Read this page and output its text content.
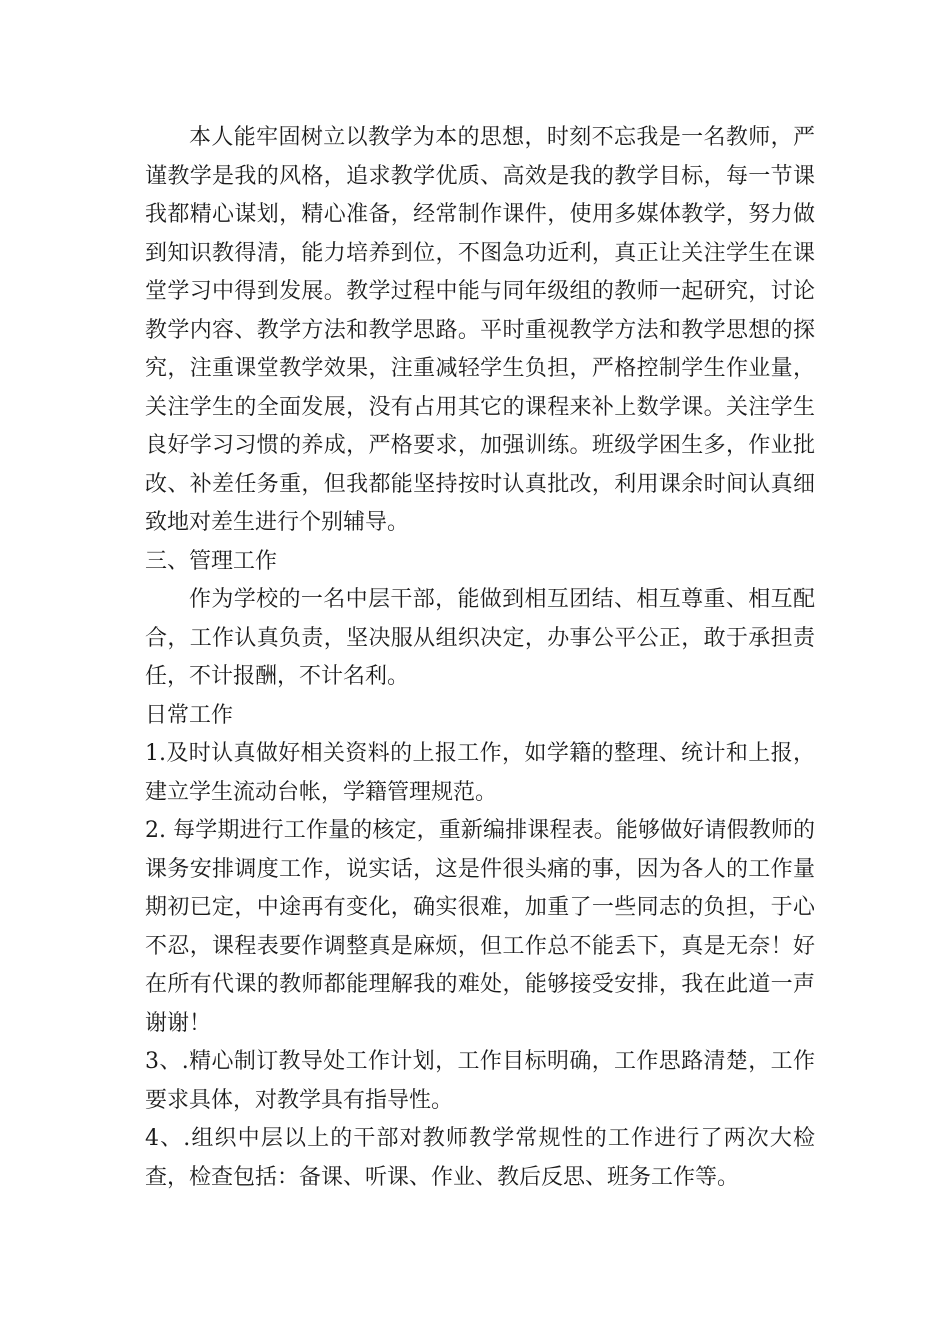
本人能牢固树立以教学为本的思想，时刻不忘我是一名教师，严谨教学是我的风格，追求教学优质、高效是我的教学目标，每一节课我都精心谋划，精心准备，经常制作课件，使用多媒体教学，努力做到知识教得清，能力培养到位，不图急功近利，真正让关注学生在课堂学习中得到发展。教学过程中能与同年级组的教师一起研究，讨论教学内容、教学方法和教学思路。平时重视教学方法和教学思想的探究，注重课堂教学效果，注重减轻学生负担，严格控制学生作业量，关注学生的全面发展，没有占用其它的课程来补上数学课。关注学生良好学习习惯的养成，严格要求，加强训练。班级学困生多，作业批改、补差任务重，但我都能坚持按时认真批改，利用课余时间认真细致地对差生进行个别辅导。

三、管理工作

作为学校的一名中层干部，能做到相互团结、相互尊重、相互配合，工作认真负责，坚决服从组织决定，办事公平公正，敢于承担责任，不计报酬，不计名利。

日常工作

1.及时认真做好相关资料的上报工作，如学籍的整理、统计和上报，建立学生流动台帐，学籍管理规范。

2. 每学期进行工作量的核定，重新编排课程表。能够做好请假教师的课务安排调度工作，说实话，这是件很头痛的事，因为各人的工作量期初已定，中途再有变化，确实很难，加重了一些同志的负担，于心不忍，课程表要作调整真是麻烦，但工作总不能丢下，真是无奈！好在所有代课的教师都能理解我的难处，能够接受安排，我在此道一声谢谢！

3、.精心制订教导处工作计划，工作目标明确，工作思路清楚，工作要求具体，对教学具有指导性。

4、.组织中层以上的干部对教师教学常规性的工作进行了两次大检查，检查包括：备课、听课、作业、教后反思、班务工作等。
